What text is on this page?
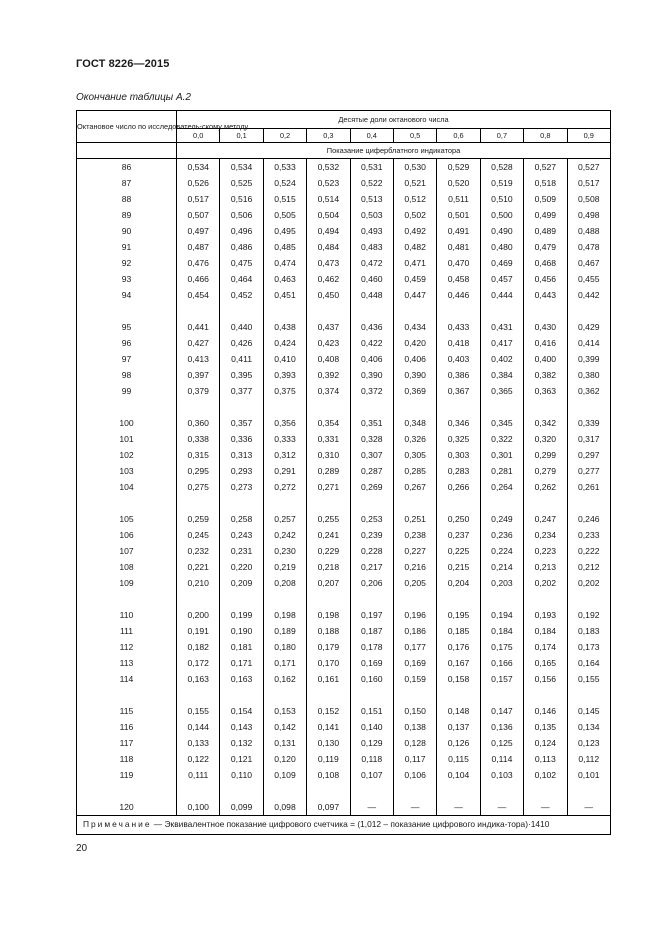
ГОСТ 8226—2015
Окончание таблицы А.2
Октановое число по исследователь-скому методу	Десятые доли октанового числа									
	0,0	0,1	0,2	0,3	0,4	0,5	0,6	0,7	0,8	0,9
	Показание циферблатного индикатора									
86	0,534	0,534	0,533	0,532	0,531	0,530	0,529	0,528	0,527	0,527
87	0,526	0,525	0,524	0,523	0,522	0,521	0,520	0,519	0,518	0,517
88	0,517	0,516	0,515	0,514	0,513	0,512	0,511	0,510	0,509	0,508
89	0,507	0,506	0,505	0,504	0,503	0,502	0,501	0,500	0,499	0,498
90	0,497	0,496	0,495	0,494	0,493	0,492	0,491	0,490	0,489	0,488
91	0,487	0,486	0,485	0,484	0,483	0,482	0,481	0,480	0,479	0,478
92	0,476	0,475	0,474	0,473	0,472	0,471	0,470	0,469	0,468	0,467
93	0,466	0,464	0,463	0,462	0,460	0,459	0,458	0,457	0,456	0,455
94	0,454	0,452	0,451	0,450	0,448	0,447	0,446	0,444	0,443	0,442

95	0,441	0,440	0,438	0,437	0,436	0,434	0,433	0,431	0,430	0,429
96	0,427	0,426	0,424	0,423	0,422	0,420	0,418	0,417	0,416	0,414
97	0,413	0,411	0,410	0,408	0,406	0,406	0,403	0,402	0,400	0,399
98	0,397	0,395	0,393	0,392	0,390	0,390	0,386	0,384	0,382	0,380
99	0,379	0,377	0,375	0,374	0,372	0,369	0,367	0,365	0,363	0,362

100	0,360	0,357	0,356	0,354	0,351	0,348	0,346	0,345	0,342	0,339
101	0,338	0,336	0,333	0,331	0,328	0,326	0,325	0,322	0,320	0,317
102	0,315	0,313	0,312	0,310	0,307	0,305	0,303	0,301	0,299	0,297
103	0,295	0,293	0,291	0,289	0,287	0,285	0,283	0,281	0,279	0,277
104	0,275	0,273	0,272	0,271	0,269	0,267	0,266	0,264	0,262	0,261

105	0,259	0,258	0,257	0,255	0,253	0,251	0,250	0,249	0,247	0,246
106	0,245	0,243	0,242	0,241	0,239	0,238	0,237	0,236	0,234	0,233
107	0,232	0,231	0,230	0,229	0,228	0,227	0,225	0,224	0,223	0,222
108	0,221	0,220	0,219	0,218	0,217	0,216	0,215	0,214	0,213	0,212
109	0,210	0,209	0,208	0,207	0,206	0,205	0,204	0,203	0,202	0,202

110	0,200	0,199	0,198	0,198	0,197	0,196	0,195	0,194	0,193	0,192
111	0,191	0,190	0,189	0,188	0,187	0,186	0,185	0,184	0,184	0,183
112	0,182	0,181	0,180	0,179	0,178	0,177	0,176	0,175	0,174	0,173
113	0,172	0,171	0,171	0,170	0,169	0,169	0,167	0,166	0,165	0,164
114	0,163	0,163	0,162	0,161	0,160	0,159	0,158	0,157	0,156	0,155

115	0,155	0,154	0,153	0,152	0,151	0,150	0,148	0,147	0,146	0,145
116	0,144	0,143	0,142	0,141	0,140	0,138	0,137	0,136	0,135	0,134
117	0,133	0,132	0,131	0,130	0,129	0,128	0,126	0,125	0,124	0,123
118	0,122	0,121	0,120	0,119	0,118	0,117	0,115	0,114	0,113	0,112
119	0,111	0,110	0,109	0,108	0,107	0,106	0,104	0,103	0,102	0,101

120	0,100	0,099	0,098	0,097	—	—	—	—	—	—
Примечание — Эквивалентное показание цифрового счетчика = (1,012 – показание цифрового индика-тора)·1410										
20
